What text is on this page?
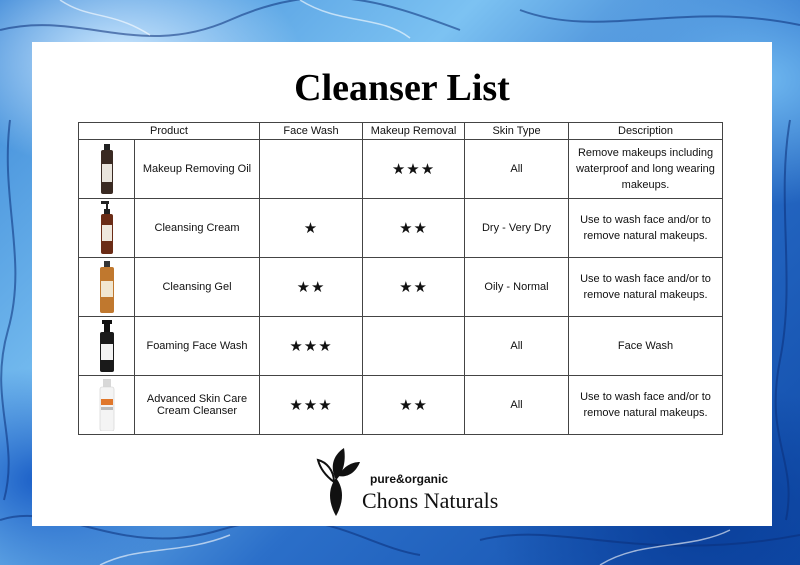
Cleanser List
Product		Face Wash	Makeup Removal	Skin Type	Description

	Makeup Removing Oil		★★★	All	Remove makeups including waterproof and long wearing makeups.

	Cleansing Cream	★	★★	Dry - Very Dry	Use to wash face and/or to remove natural makeups.

	Cleansing Gel	★★	★★	Oily - Normal	Use to wash face and/or to remove natural makeups.

	Foaming Face Wash	★★★		All	Face Wash

	Advanced Skin Care Cream Cleanser	★★★	★★	All	Use to wash face and/or to remove natural makeups.
pure&organic
Chons Naturals
